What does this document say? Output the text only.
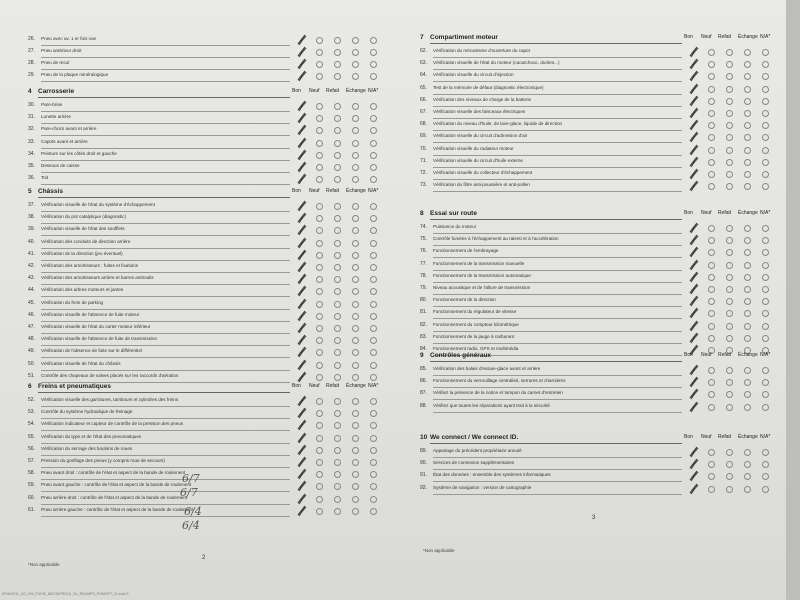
26. Pneu avec av. 1 er fois vue
27. Pneu antérieur droit
28. Pneu de recul
29. Pneu de la plaque minéralogique
4 Carrosserie	Bon Neuf Refait Échange N/A*
30. Pare-brise
31. Lunette arrière
32. Pare-chocs avant et arrière
33. Capots avant et arrière
34. Peinture sur les côtés droit et gauche
35. Dessous de caisse
36. Toit
5 Châssis	Bon Neuf Refait Échange N/A*
37. Vérification visuelle de l'état du système d'échappement
38. Vérification du pot catalytique (diagnostic)
39. Vérification visuelle de l'état des soufflets
40. Vérification des conduits de direction arrière
41. Vérification de la direction (jeu éventuel)
42. Vérification des amortisseurs : fuites et fixations
43. Vérification des amortisseurs arrière et barres antiroulis
44. Vérification des arbres moteurs et jantes
45. Vérification du frein de parking
46. Vérification visuelle de l'absence de fuite moteur
47. Vérification visuelle de l'état du carter moteur inférieur
48. Vérification visuelle de l'absence de fuite de transmission
49. Vérification de l'absence de fuite sur le différentiel
50. Vérification visuelle de l'état du châssis
51. Contrôle des chapeaux de valves placés sur les raccords d'aération
6 Freins et pneumatiques	Bon Neuf Refait Échange N/A*
52. Vérification visuelle des garnitures, tambours et cylindres des freins
53. Contrôle du système hydraulique de freinage
54. Vérification indicateur et capteur de contrôle de la pression des pneus
55. Vérification du type et de l'état des pneumatiques
56. Vérification du serrage des boulons de roues
57. Pression du gonflage des pneus (y compris roue de secours)
58. Pneu avant droit : contrôle de l'état et aspect de la bande de roulement
59. Pneu avant gauche : contrôle de l'état et aspect de la bande de roulement
60. Pneu arrière droit : contrôle de l'état et aspect de la bande de roulement
61. Pneu arrière gauche : contrôle de l'état et aspect de la bande de roulement
7 Compartiment moteur	Bon Neuf Refait Échange N/A*
62. Vérification du mécanisme d'ouverture du capot
63. Vérification visuelle de l'état du moteur (caoutchouc, durites...)
64. Vérification visuelle du circuit d'injection
65. Test de la mémoire de défaut (diagnostic électronique)
66. Vérification des niveaux de charge de la batterie
67. Vérification visuelle des faisceaux électriques
68. Vérification du niveau d'huile, de lave-glace, liquide de direction
69. Vérification visuelle du circuit d'admission d'air
70. Vérification visuelle du radiateur moteur
71. Vérification visuelle du circuit d'huile externe
72. Vérification visuelle du collecteur d'échappement
73. Vérification du filtre anti-poussière et anti-pollen
8 Essai sur route	Bon Neuf Refait Échange N/A*
74. Puissance du moteur
75. Contrôle fumées à l'échappement au ralenti et à l'accélération
76. Fonctionnement de l'embrayage
77. Fonctionnement de la transmission manuelle
78. Fonctionnement de la transmission automatique
79. Niveau acoustique et de l'allure de transmission
80. Fonctionnement de la direction
81. Fonctionnement du régulateur de vitesse
82. Fonctionnement du compteur kilométrique
83. Fonctionnement de la jauge à carburant
84. Fonctionnement radio, GPS et multimédia
9 Contrôles généraux	Bon Neuf Refait Échange N/A*
85. Vérification des balais d'essuie-glace avant et arrière
86. Fonctionnement du verrouillage centralisé, serrures et charnières
87. Vérifiez la présence de la notice et tampon du carnet d'entretien
88. Vérifiez que toutes les réparations ayant trait à la sécurité
10 We connect / We connect ID.	Bon Neuf Refait Échange N/A*
89. Appairage du précédent propriétaire annulé
90. Services de connexion supplémentaires
91. État des données : ensemble des systèmes informatiques
92. Système de navigation : version de cartographie
2
3
*Non applicable
*Non applicable
DFUKOOL_VO_VW_FICHE_80CONTROLE_NL_RDUMPS_P15ASPT_01.indd 3
6/7
6/7
6/4
6/4
